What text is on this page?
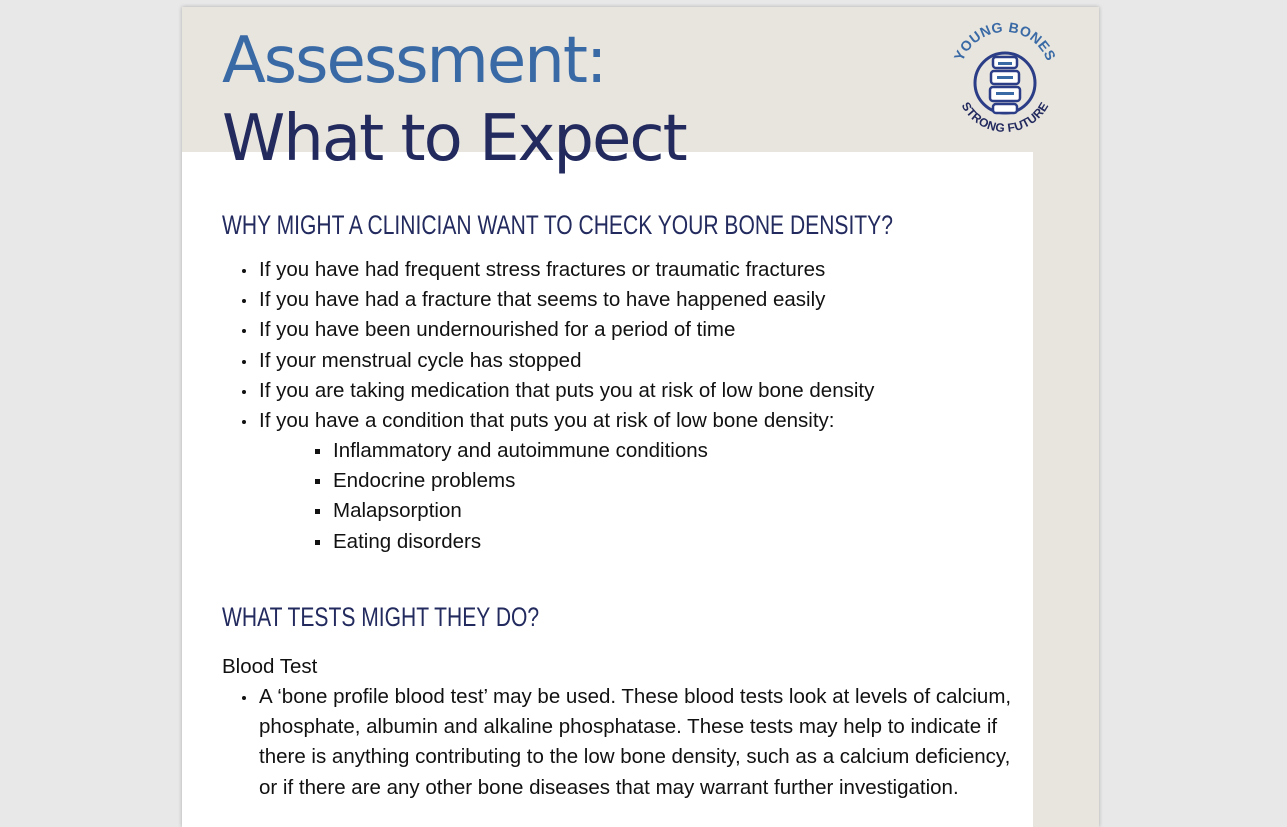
Assessment:
What to Expect
YOUNG BONES
STRONG FUTURE
WHY MIGHT A CLINICIAN WANT TO CHECK YOUR BONE DENSITY?
If you have had frequent stress fractures or traumatic fractures
If you have had a fracture that seems to have happened easily
If you have been undernourished for a period of time
If your menstrual cycle has stopped
If you are taking medication that puts you at risk of low bone density
If you have a condition that puts you at risk of low bone density:
Inflammatory and autoimmune conditions
Endocrine problems
Malapsorption
Eating disorders
WHAT TESTS MIGHT THEY DO?

Blood Test

A ‘bone profile blood test’ may be used. These blood tests look at levels of calcium, phosphate, albumin and alkaline phosphatase. These tests may help to indicate if there is anything contributing to the low bone density, such as a calcium deficiency, or if there are any other bone diseases that may warrant further investigation.
